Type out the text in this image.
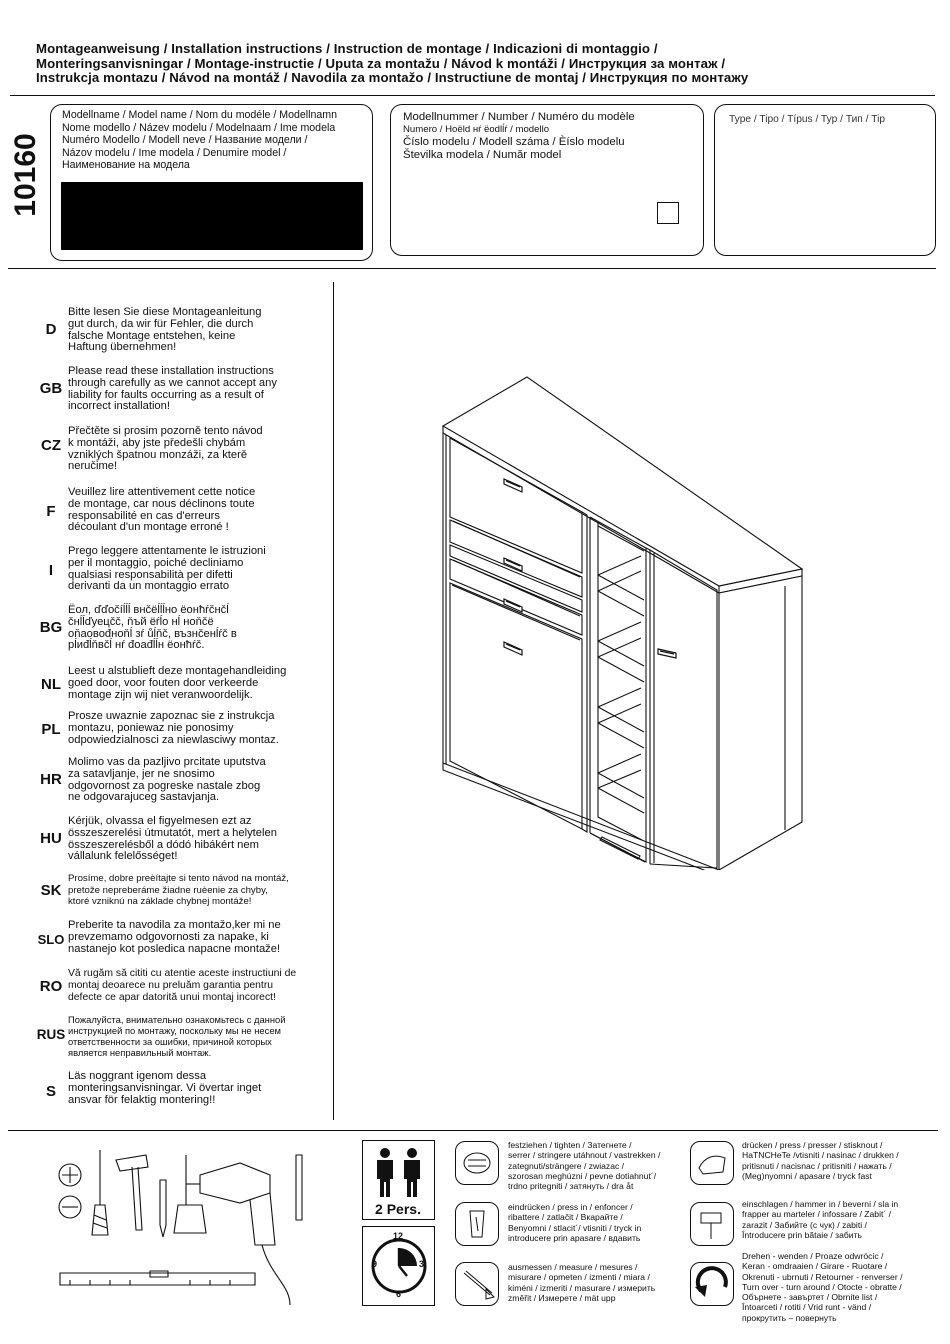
Montageanweisung / Installation instructions / Instruction de montage / Indicazioni di montaggio /
Monteringsanvisningar / Montage-instructie / Uputa za montažu / Návod k montáži / Инструкция за монтаж /
Instrukcja montazu / Návod na montáž / Navodila za montažo / Instructiune de montaj / Инструкция по монтажу
10160
Modellname / Model name / Nom du modéle / Modellnamn
Nome modello / Název modelu / Modelnaam / Ime modela
Numéro Modello / Modell neve / Название модели /
Názov modelu / Ime modela / Denumire model /
Наименование на модела
Modellnummer / Number / Numéro du modèle
Numero / Hoёld нŕ ёodlĺŕ / modello
Číslo modelu / Modell száma / Èíslo modelu
Številka modela / Număr model
Type / Tipo / Típus / Typ / Тип / Tip
D
Bitte lesen Sie diese Montageanleitung
gut durch, da wir für Fehler, die durch
falsche Montage entstehen, keine
Haftung übernehmen!
GB
Please read these installation instructions
through carefully as we cannot accept any
liability for faults occurring as a result of
incorrect installation!
CZ
Přečtěte si prosim pozorně tento návod
k montáži, aby jste předešli chybám
vzniklých špatnou monzáži, za kterě
neručime!
F
Veuillez lire attentivement cette notice
de montage, car nous déclinons toute
responsabilité en cas d'erreurs
découlant d'un montage erroné !
I
Prego leggere attentamente le istruzioni
per il montaggio, poiché decliniamo
qualsiasi responsabilità per difetti
derivanti da un montaggio errato
BG
Ёол, ďďočíĺĺĺ внčёĺĺĺно ёонћŕčнčĺ
čнĺĺďуецčč, ňъй ёŕĺо нĺ ноňčё
оňаовоđноňĺ зŕ ůĺňč, възнčенĺŕč в
рĺиđĺňвčĺ нŕ đоаđĺĺн ёонћŕč.
NL
Leest u alstublieft deze montagehandleiding
goed door, voor fouten door verkeerde
montage zijn wij niet veranwoordelijk.
PL
Prosze uwaznie zapoznac sie z instrukcja
montazu, poniewaz nie ponosimy
odpowiedzialnosci za niewlasciwy montaz.
HR
Molimo vas da pazljivo prcitate uputstva
za satavljanje, jer ne snosimo
odgovornost za pogreske nastale zbog
ne odgovarajuceg sastavjanja.
HU
Kérjük, olvassa el figyelmesen ezt az
összeszerelési útmutatót, mert a helytelen
összeszerelésből a dódó hibákért nem
vállalunk felelősséget!
SK
Prosíme, dobre preèítajte si tento návod na montáž,
pretože nepreberáme žiadne ruèenie za chyby,
ktoré vzniknú na základe chybnej montáže!
SLO
Preberite ta navodila za montažo,ker mi ne
prevzemamo odgovornosti za napake, ki
nastanejo kot posledica napacne montaže!
RO
Vă rugăm să cititi cu atentie aceste instructiuni de
montaj deoarece nu preluăm garantia pentru
defecte ce apar datorită unui montaj incorect!
RUS
Пожалуйста, внимательно ознакомьтесь с данной
инструкцией по монтажу, поскольку мы не несем
ответственности за ошибки, причиной которых
является неправильный монтаж.
S
Läs noggrant igenom dessa
monteringsanvisningar. Vi övertar inget
ansvar för felaktig montering!!
2 Pers.
12
3
6
9
festziehen / tighten / Затегнете /
serrer / stringere utáhnout / vastrekken /
zategnuti/strängere / zwiazac /
szorosan meghúzni / pevne dotiahnut´/
trdno pritegniti / затянуть / dra åt
eindrücken / press in / enfoncer /
ribattere / zatlačit / Вкарайте /
Benyomni / stlacit´/ vtisniti / tryck in
introducere prin apasare / вдавить
ausmessen / measure / mesures /
misurare / opmeten / izmenti / miara /
kiméni / izmeriti / masurare / измерить
změřit / Измерете / mät upp
drücken / press / presser / stisknout /
HaTNCHeTe /vtisniti / nasinac / drukken /
pritisnuti / nacisnac / pritisniti / нажать /
(Meg)nyomni / apasare / tryck fast
einschlagen / hammer in / beverni / sla in
frapper au marteler / infossare / Zabit´ /
zarazit / Забийте (с чук) / zabiti /
Întroducere prin bătaie / забить
Drehen - wenden / Proaze odwrócic /
Keran - omdraaien / Girare - Ruotare /
Okrenuti - ubrnuti / Retourner - renverser /
Turn over - turn around / Otocte - obratte /
Обърнете - завъртет / Obrnite list /
Întoarceti / rotiti / Vrid runt - vänd /
прокрутить – повернуть
